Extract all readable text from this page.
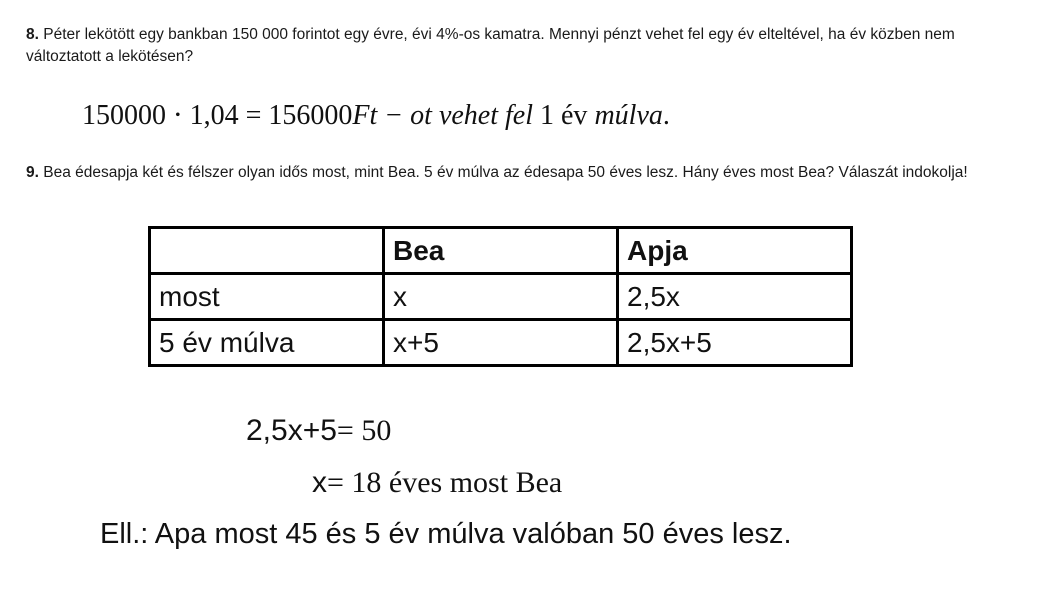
8. Péter lekötött egy bankban 150 000 forintot egy évre, évi 4%-os kamatra. Mennyi pénzt vehet fel egy év elteltével, ha év közben nem változtatott a lekötésen?
150000 ⋅ 1,04 = 156000Ft − ot vehet fel 1 év múlva.
9. Bea édesapja két és félszer olyan idős most, mint Bea. 5 év múlva az édesapa 50 éves lesz. Hány éves most Bea? Válaszát indokolja!
	Bea	Apja
most	x	2,5x
5 év múlva	x+5	2,5x+5
2,5x+5= 50
x= 18 éves most Bea
Ell.: Apa most 45 és 5 év múlva valóban 50 éves lesz.
